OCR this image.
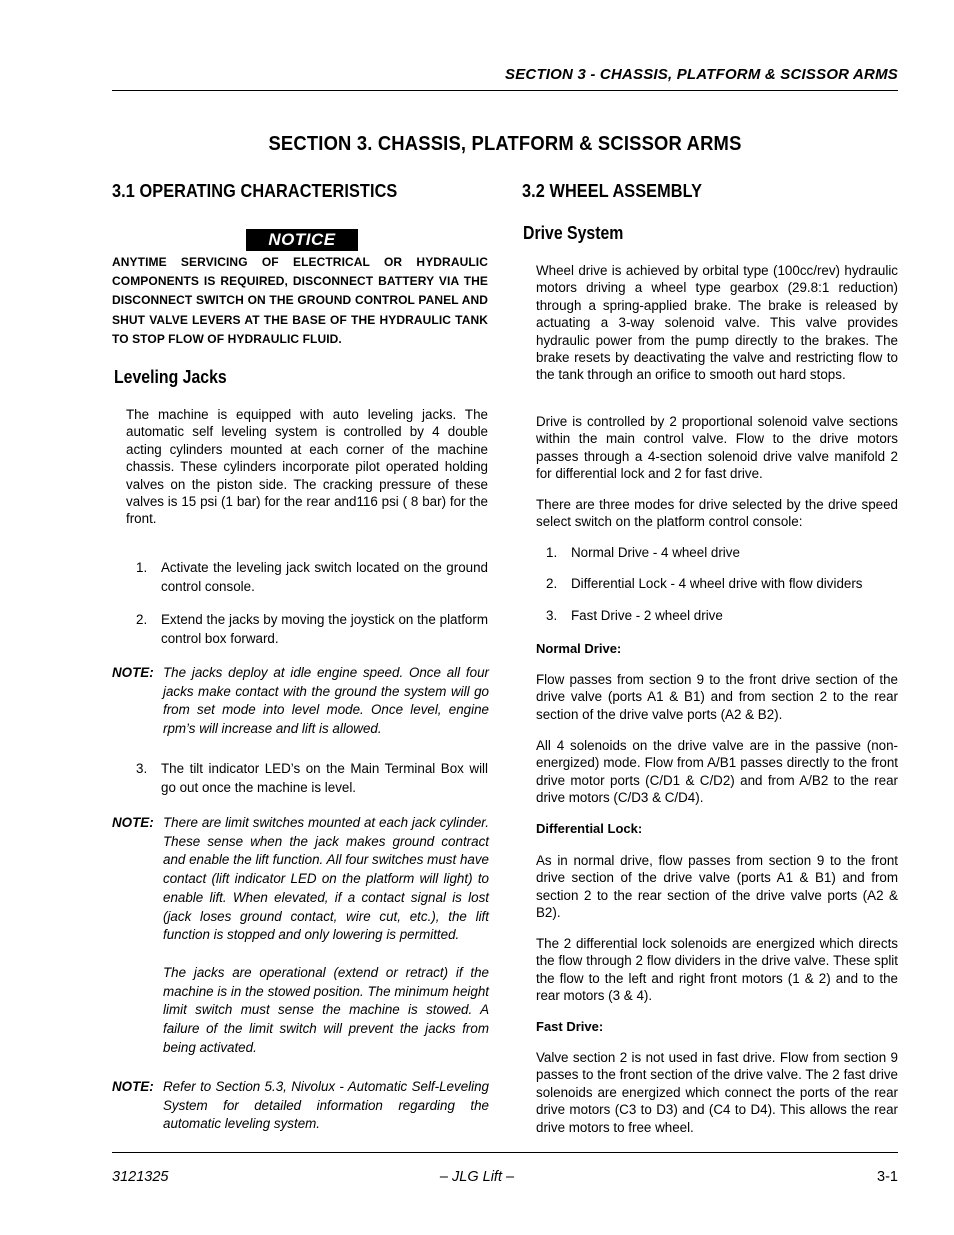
SECTION 3 - CHASSIS, PLATFORM & SCISSOR ARMS
SECTION 3. CHASSIS, PLATFORM & SCISSOR ARMS
3.1 OPERATING CHARACTERISTICS
NOTICE
ANYTIME SERVICING OF ELECTRICAL OR HYDRAULIC COMPONENTS IS REQUIRED, DISCONNECT BATTERY VIA THE DISCONNECT SWITCH ON THE GROUND CONTROL PANEL AND SHUT VALVE LEVERS AT THE BASE OF THE HYDRAULIC TANK TO STOP FLOW OF HYDRAULIC FLUID.
Leveling Jacks
The machine is equipped with auto leveling jacks. The automatic self leveling system is controlled by 4 double acting cylinders mounted at each corner of the machine chassis. These cylinders incorporate pilot operated holding valves on the piston side. The cracking pressure of these valves is 15 psi (1 bar) for the rear and116 psi ( 8 bar) for the front.
1. Activate the leveling jack switch located on the ground control console.
2. Extend the jacks by moving the joystick on the platform control box forward.
NOTE: The jacks deploy at idle engine speed. Once all four jacks make contact with the ground the system will go from set mode into level mode. Once level, engine rpm’s will increase and lift is allowed.
3. The tilt indicator LED’s on the Main Terminal Box will go out once the machine is level.
NOTE: There are limit switches mounted at each jack cylinder. These sense when the jack makes ground contract and enable the lift function. All four switches must have contact (lift indicator LED on the platform will light) to enable lift. When elevated, if a contact signal is lost (jack loses ground contact, wire cut, etc.), the lift function is stopped and only lowering is permitted.
The jacks are operational (extend or retract) if the machine is in the stowed position. The minimum height limit switch must sense the machine is stowed. A failure of the limit switch will prevent the jacks from being activated.
NOTE: Refer to Section 5.3, Nivolux - Automatic Self-Leveling System for detailed information regarding the automatic leveling system.
3.2 WHEEL ASSEMBLY
Drive System
Wheel drive is achieved by orbital type (100cc/rev) hydraulic motors driving a wheel type gearbox (29.8:1 reduction) through a spring-applied brake. The brake is released by actuating a 3-way solenoid valve. This valve provides hydraulic power from the pump directly to the brakes. The brake resets by deactivating the valve and restricting flow to the tank through an orifice to smooth out hard stops.
Drive is controlled by 2 proportional solenoid valve sections within the main control valve. Flow to the drive motors passes through a 4-section solenoid drive valve manifold 2 for differential lock and 2 for fast drive.
There are three modes for drive selected by the drive speed select switch on the platform control console:
1. Normal Drive - 4 wheel drive
2. Differential Lock - 4 wheel drive with flow dividers
3. Fast Drive - 2 wheel drive
Normal Drive:
Flow passes from section 9 to the front drive section of the drive valve (ports A1 & B1) and from section 2 to the rear section of the drive valve ports (A2 & B2).
All 4 solenoids on the drive valve are in the passive (non-energized) mode. Flow from A/B1 passes directly to the front drive motor ports (C/D1 & C/D2) and from A/B2 to the rear drive motors (C/D3 & C/D4).
Differential Lock:
As in normal drive, flow passes from section 9 to the front drive section of the drive valve (ports A1 & B1) and from section 2 to the rear section of the drive valve ports (A2 & B2).
The 2 differential lock solenoids are energized which directs the flow through 2 flow dividers in the drive valve. These split the flow to the left and right front motors (1 & 2) and to the rear motors (3 & 4).
Fast Drive:
Valve section 2 is not used in fast drive. Flow from section 9 passes to the front section of the drive valve. The 2 fast drive solenoids are energized which connect the ports of the rear drive motors (C3 to D3) and (C4 to D4). This allows the rear drive motors to free wheel.
3121325	– JLG Lift –	3-1
